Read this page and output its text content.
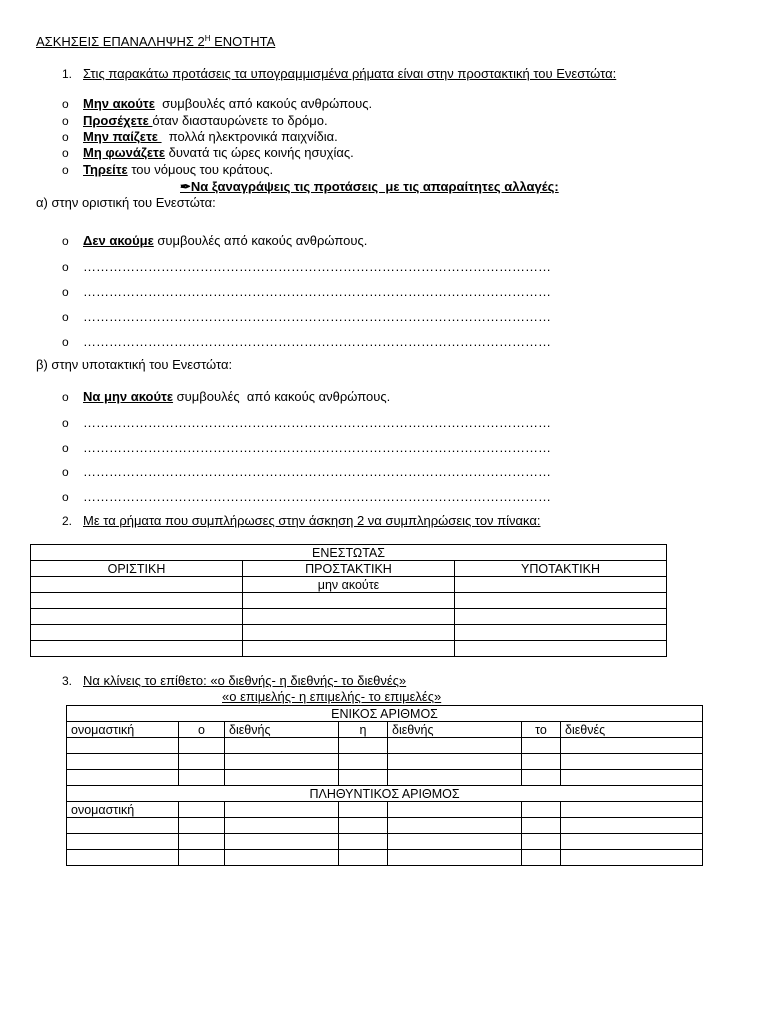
ΑΣΚΗΣΕΙΣ ΕΠΑΝΑΛΗΨΗΣ $2^H$ ΕΝΟΤΗΤΑ
1. Στις παρακάτω προτάσεις τα υπογραμμισμένα ρήματα είναι στην προστακτική του Ενεστώτα:
o Μην ακούτε  συμβουλές από κακούς ανθρώπους.
o Προσέχετε όταν διασταυρώνετε το δρόμο.
o Μην παίζετε   πολλά ηλεκτρονικά παιχνίδια.
o Μη φωνάζετε δυνατά τις ώρες κοινής ησυχίας.
o Τηρείτε του νόμους του κράτους.
✒Να ξαναγράψεις τις προτάσεις  με τις απαραίτητες αλλαγές:
α) στην οριστική του Ενεστώτα:
o Δεν ακούμε συμβουλές από κακούς ανθρώπους.
o ………………………………………………………………………………………………
o ………………………………………………………………………………………………
o ………………………………………………………………………………………………
o ………………………………………………………………………………………………
β) στην υποτακτική του Ενεστώτα:
o Να μην ακούτε συμβουλές  από κακούς ανθρώπους.
o ………………………………………………………………………………………………
o ………………………………………………………………………………………………
o ………………………………………………………………………………………………
o ………………………………………………………………………………………………
2. Με τα ρήματα που συμπλήρωσες στην άσκηση 2 να συμπληρώσεις τον πίνακα:
ΕΝΕΣΤΩΤΑΣ		
ΟΡΙΣΤΙΚΗ	ΠΡΟΣΤΑΚΤΙΚΗ	ΥΠΟΤΑΚΤΙΚΗ
	μην ακούτε	

3. Να κλίνεις το επίθετο: «ο διεθνής- η διεθνής- το διεθνές»
«ο επιμελής- η επιμελής- το επιμελές»
ΕΝΙΚΟΣ ΑΡΙΘΜΟΣ						
ονομαστική	ο	διεθνής	η	διεθνής	το	διεθνές

ΠΛΗΘΥΝΤΙΚΟΣ ΑΡΙΘΜΟΣ						
ονομαστική						
